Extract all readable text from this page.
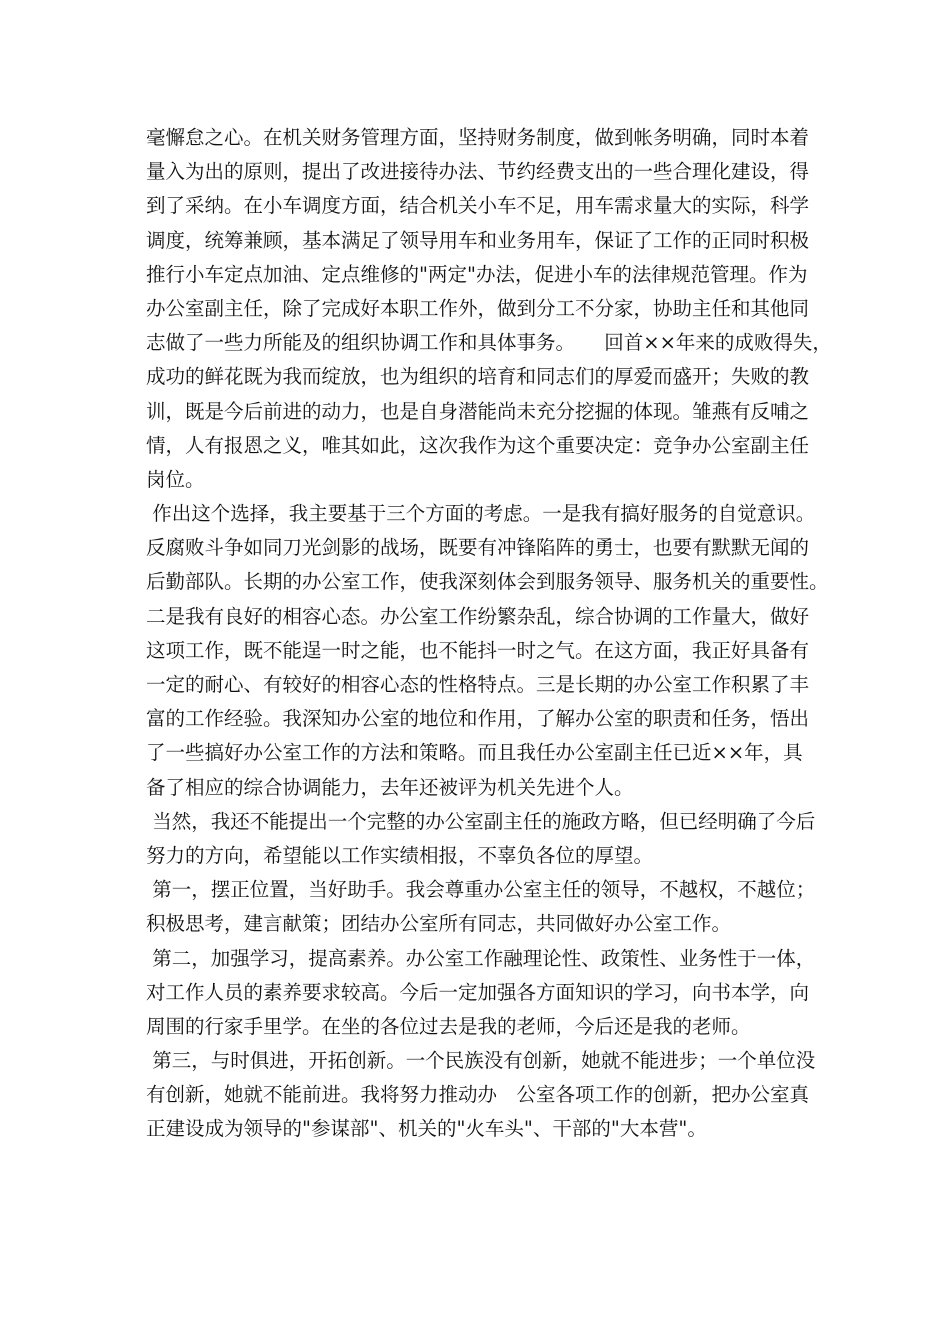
毫懈怠之心。在机关财务管理方面，坚持财务制度，做到帐务明确，同时本着
量入为出的原则，提出了改进接待办法、节约经费支出的一些合理化建设，得
到了采纳。在小车调度方面，结合机关小车不足，用车需求量大的实际，科学
调度，统筹兼顾，基本满足了领导用车和业务用车，保证了工作的正同时积极
推行小车定点加油、定点维修的"两定"办法，促进小车的法律规范管理。作为
办公室副主任，除了完成好本职工作外，做到分工不分家，协助主任和其他同
志做了一些力所能及的组织协调工作和具体事务。　　回首××年来的成败得失，
成功的鲜花既为我而绽放，也为组织的培育和同志们的厚爱而盛开；失败的教
训，既是今后前进的动力，也是自身潜能尚未充分挖掘的体现。雏燕有反哺之
情，人有报恩之义，唯其如此，这次我作为这个重要决定：竞争办公室副主任
岗位。
作出这个选择，我主要基于三个方面的考虑。一是我有搞好服务的自觉意识。
反腐败斗争如同刀光剑影的战场，既要有冲锋陷阵的勇士，也要有默默无闻的
后勤部队。长期的办公室工作，使我深刻体会到服务领导、服务机关的重要性。
二是我有良好的相容心态。办公室工作纷繁杂乱，综合协调的工作量大，做好
这项工作，既不能逞一时之能，也不能抖一时之气。在这方面，我正好具备有
一定的耐心、有较好的相容心态的性格特点。三是长期的办公室工作积累了丰
富的工作经验。我深知办公室的地位和作用，了解办公室的职责和任务，悟出
了一些搞好办公室工作的方法和策略。而且我任办公室副主任已近××年，具
备了相应的综合协调能力，去年还被评为机关先进个人。
当然，我还不能提出一个完整的办公室副主任的施政方略，但已经明确了今后
努力的方向，希望能以工作实绩相报，不辜负各位的厚望。
第一，摆正位置，当好助手。我会尊重办公室主任的领导，不越权，不越位；
积极思考，建言献策；团结办公室所有同志，共同做好办公室工作。
第二，加强学习，提高素养。办公室工作融理论性、政策性、业务性于一体，
对工作人员的素养要求较高。今后一定加强各方面知识的学习，向书本学，向
周围的行家手里学。在坐的各位过去是我的老师，今后还是我的老师。
第三，与时俱进，开拓创新。一个民族没有创新，她就不能进步；一个单位没
有创新，她就不能前进。我将努力推动办　公室各项工作的创新，把办公室真
正建设成为领导的"参谋部"、机关的"火车头"、干部的"大本营"。
